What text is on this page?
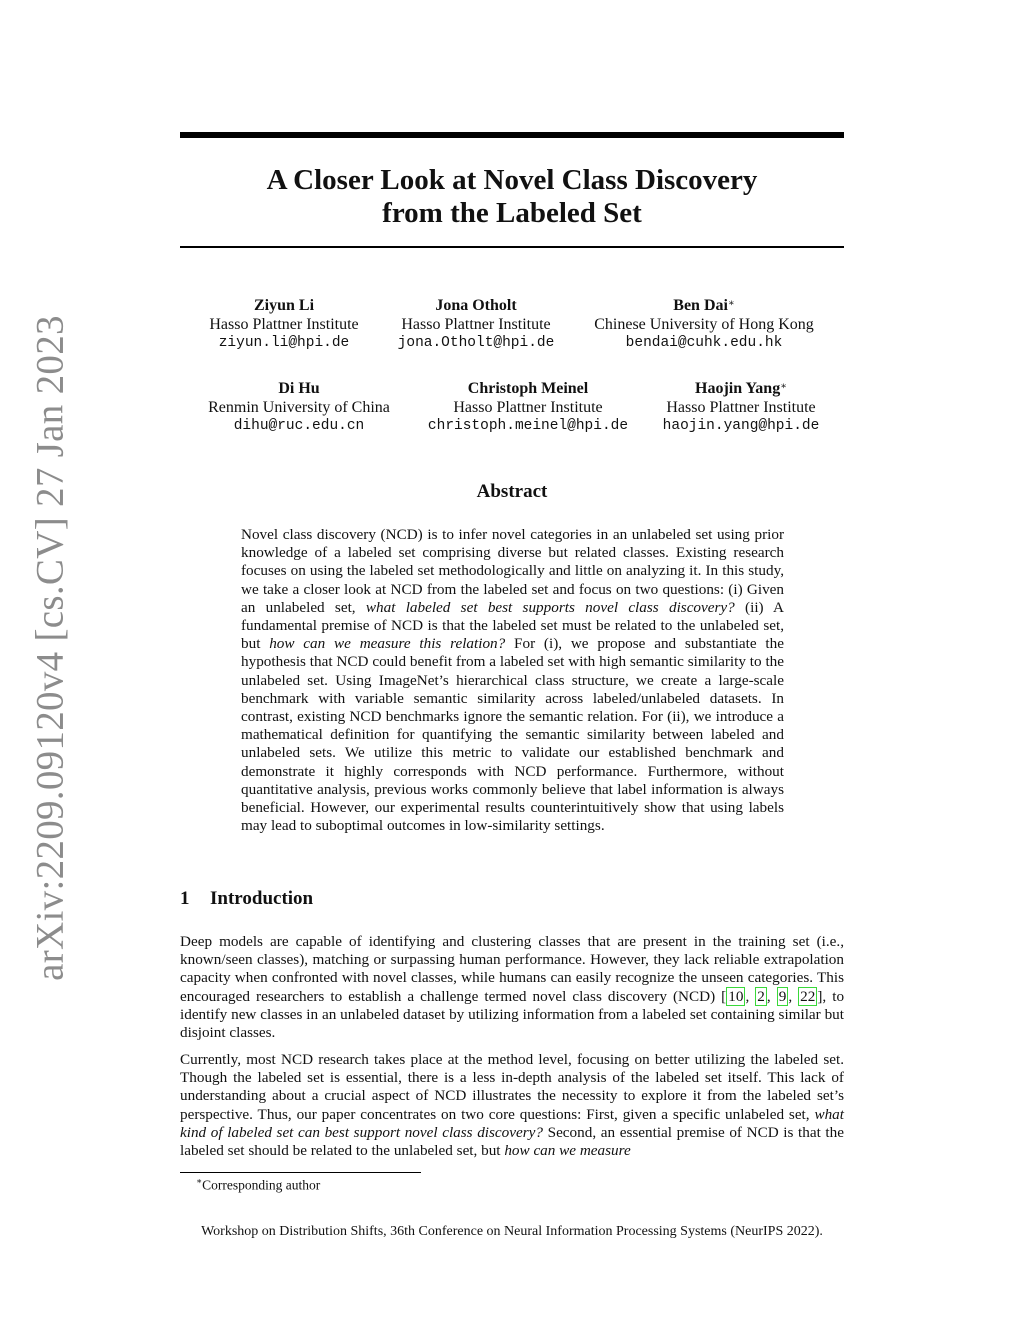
arXiv:2209.09120v4 [cs.CV] 27 Jan 2023
A Closer Look at Novel Class Discovery
from the Labeled Set
Ziyun Li
Hasso Plattner Institute
ziyun.li@hpi.de
Jona Otholt
Hasso Plattner Institute
jona.Otholt@hpi.de
Ben Dai∗
Chinese University of Hong Kong
bendai@cuhk.edu.hk
Di Hu
Renmin University of China
dihu@ruc.edu.cn
Christoph Meinel
Hasso Plattner Institute
christoph.meinel@hpi.de
Haojin Yang∗
Hasso Plattner Institute
haojin.yang@hpi.de
Abstract

Novel class discovery (NCD) is to infer novel categories in an unlabeled set using prior knowledge of a labeled set comprising diverse but related classes. Existing research focuses on using the labeled set methodologically and little on analyzing it. In this study, we take a closer look at NCD from the labeled set and focus on two questions: (i) Given an unlabeled set, what labeled set best supports novel class discovery? (ii) A fundamental premise of NCD is that the labeled set must be related to the unlabeled set, but how can we measure this relation? For (i), we propose and substantiate the hypothesis that NCD could benefit from a labeled set with high semantic similarity to the unlabeled set. Using ImageNet’s hierarchical class structure, we create a large-scale benchmark with variable semantic similarity across labeled/unlabeled datasets. In contrast, existing NCD benchmarks ignore the semantic relation. For (ii), we introduce a mathematical definition for quantifying the semantic similarity between labeled and unlabeled sets. We utilize this metric to validate our established benchmark and demonstrate it highly corresponds with NCD performance. Furthermore, without quantitative analysis, previous works commonly believe that label information is always beneficial. However, our experimental results counterintuitively show that using labels may lead to suboptimal outcomes in low-similarity settings.

1 Introduction

Deep models are capable of identifying and clustering classes that are present in the training set (i.e., known/seen classes), matching or surpassing human performance. However, they lack reliable extrapolation capacity when confronted with novel classes, while humans can easily recognize the unseen categories. This encouraged researchers to establish a challenge termed novel class discovery (NCD) [ 10 , 2 , 9 , 22 ], to identify new classes in an unlabeled dataset by utilizing information from a labeled set containing similar but disjoint classes.

Currently, most NCD research takes place at the method level, focusing on better utilizing the labeled set. Though the labeled set is essential, there is a less in-depth analysis of the labeled set itself. This lack of understanding about a crucial aspect of NCD illustrates the necessity to explore it from the labeled set’s perspective. Thus, our paper concentrates on two core questions: First, given a specific unlabeled set, what kind of labeled set can best support novel class discovery? Second, an essential premise of NCD is that the labeled set should be related to the unlabeled set, but how can we measure

∗Corresponding author

Workshop on Distribution Shifts, 36th Conference on Neural Information Processing Systems (NeurIPS 2022).
